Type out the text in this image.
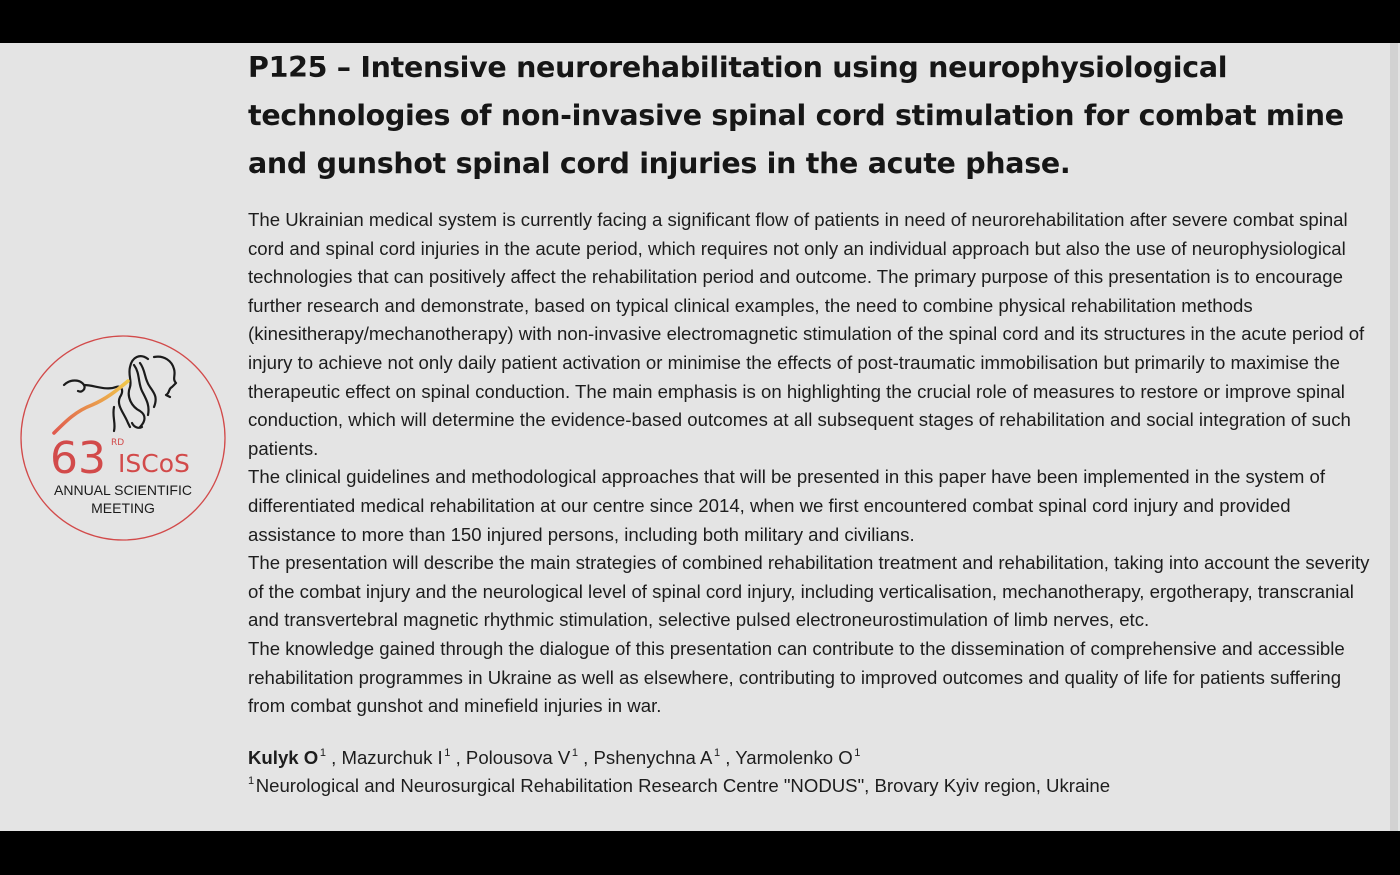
63 RD
ISCoS
ANNUAL SCIENTIFIC
MEETING
P125 – Intensive neurorehabilitation using neurophysiological technologies of non-invasive spinal cord stimulation for combat mine and gunshot spinal cord injuries in the acute phase.

The Ukrainian medical system is currently facing a significant flow of patients in need of neurorehabilitation after severe combat spinal cord and spinal cord injuries in the acute period, which requires not only an individual approach but also the use of neurophysiological technologies that can positively affect the rehabilitation period and outcome. The primary purpose of this presentation is to encourage further research and demonstrate, based on typical clinical examples, the need to combine physical rehabilitation methods (kinesitherapy/mechanotherapy) with non-invasive electromagnetic stimulation of the spinal cord and its structures in the acute period of injury to achieve not only daily patient activation or minimise the effects of post-traumatic immobilisation but primarily to maximise the therapeutic effect on spinal conduction. The main emphasis is on highlighting the crucial role of measures to restore or improve spinal conduction, which will determine the evidence-based outcomes at all subsequent stages of rehabilitation and social integration of such patients.

The clinical guidelines and methodological approaches that will be presented in this paper have been implemented in the system of differentiated medical rehabilitation at our centre since 2014, when we first encountered combat spinal cord injury and provided assistance to more than 150 injured persons, including both military and civilians.

The presentation will describe the main strategies of combined rehabilitation treatment and rehabilitation, taking into account the severity of the combat injury and the neurological level of spinal cord injury, including verticalisation, mechanotherapy, ergotherapy, transcranial and transvertebral magnetic rhythmic stimulation, selective pulsed electroneurostimulation of limb nerves, etc.

The knowledge gained through the dialogue of this presentation can contribute to the dissemination of comprehensive and accessible rehabilitation programmes in Ukraine as well as elsewhere, contributing to improved outcomes and quality of life for patients suffering from combat gunshot and minefield injuries in war.

Kulyk O  $^1$ , Mazurchuk I  $^1$ , Polousova V  $^1$ , Pshenychna A  $^1$ , Yarmolenko O  $^1$
$^1$ Neurological and Neurosurgical Rehabilitation Research Centre "NODUS", Brovary Kyiv region, Ukraine
